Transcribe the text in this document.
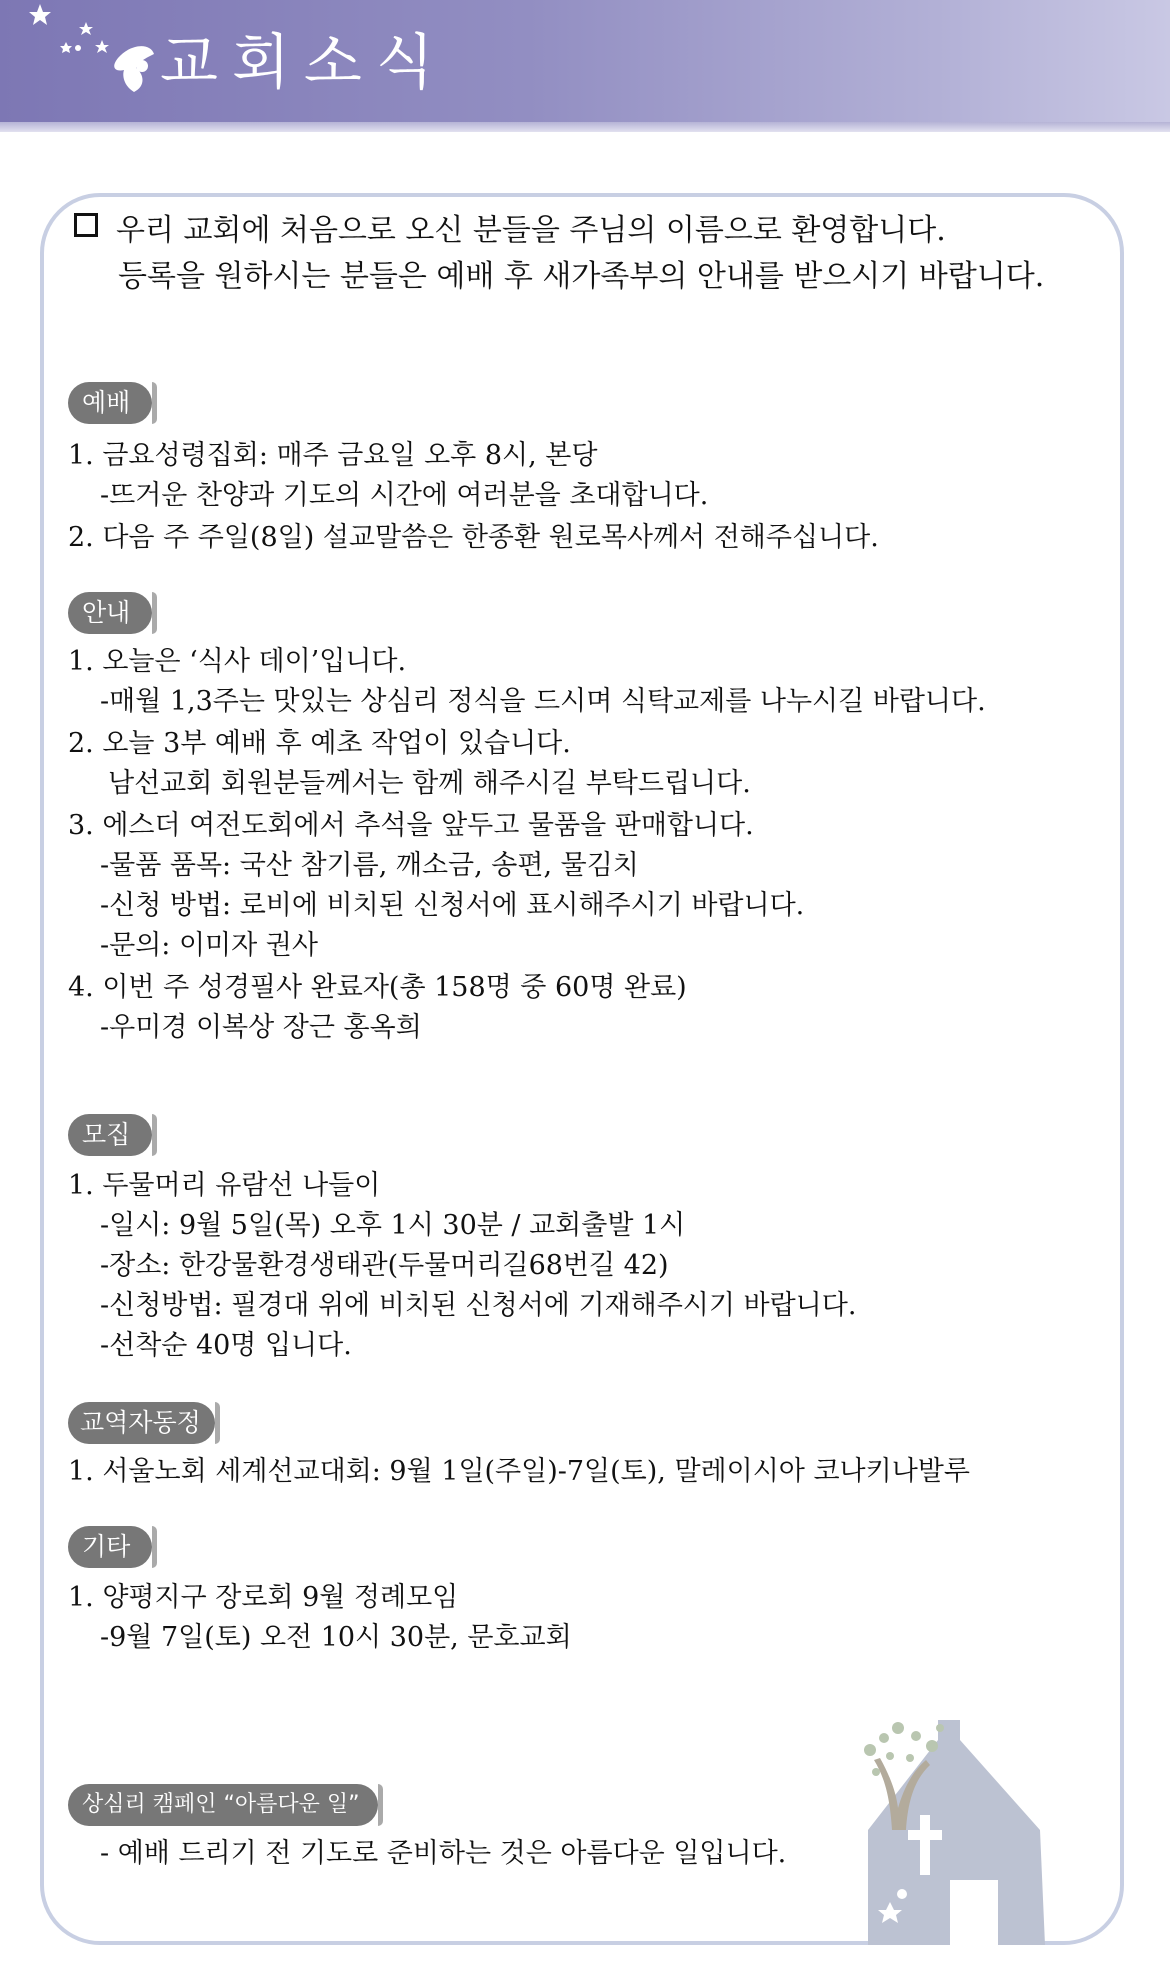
교회소식
우리 교회에 처음으로 오신 분들을 주님의 이름으로 환영합니다.
등록을 원하시는 분들은 예배 후 새가족부의 안내를 받으시기 바랍니다.
예배
1. 금요성령집회: 매주 금요일 오후 8시, 본당
-뜨거운 찬양과 기도의 시간에 여러분을 초대합니다.
2. 다음 주 주일(8일) 설교말씀은 한종환 원로목사께서 전해주십니다.
안내
1. 오늘은 ‘식사 데이’입니다.
-매월 1,3주는 맛있는 상심리 정식을 드시며 식탁교제를 나누시길 바랍니다.
2. 오늘 3부 예배 후 예초 작업이 있습니다.
남선교회 회원분들께서는 함께 해주시길 부탁드립니다.
3. 에스더 여전도회에서 추석을 앞두고 물품을 판매합니다.
-물품 품목: 국산 참기름, 깨소금, 송편, 물김치
-신청 방법: 로비에 비치된 신청서에 표시해주시기 바랍니다.
-문의: 이미자 권사
4. 이번 주 성경필사 완료자(총 158명 중 60명 완료)
-우미경 이복상 장근 홍옥희
모집
1. 두물머리 유람선 나들이
-일시: 9월 5일(목) 오후 1시 30분 / 교회출발 1시
-장소: 한강물환경생태관(두물머리길68번길 42)
-신청방법: 필경대 위에 비치된 신청서에 기재해주시기 바랍니다.
-선착순 40명 입니다.
교역자동정
1. 서울노회 세계선교대회: 9월 1일(주일)-7일(토), 말레이시아 코나키나발루
기타
1. 양평지구 장로회 9월 정례모임
-9월 7일(토) 오전 10시 30분, 문호교회
상심리 캠페인 “아름다운 일”
- 예배 드리기 전 기도로 준비하는 것은 아름다운 일입니다.
